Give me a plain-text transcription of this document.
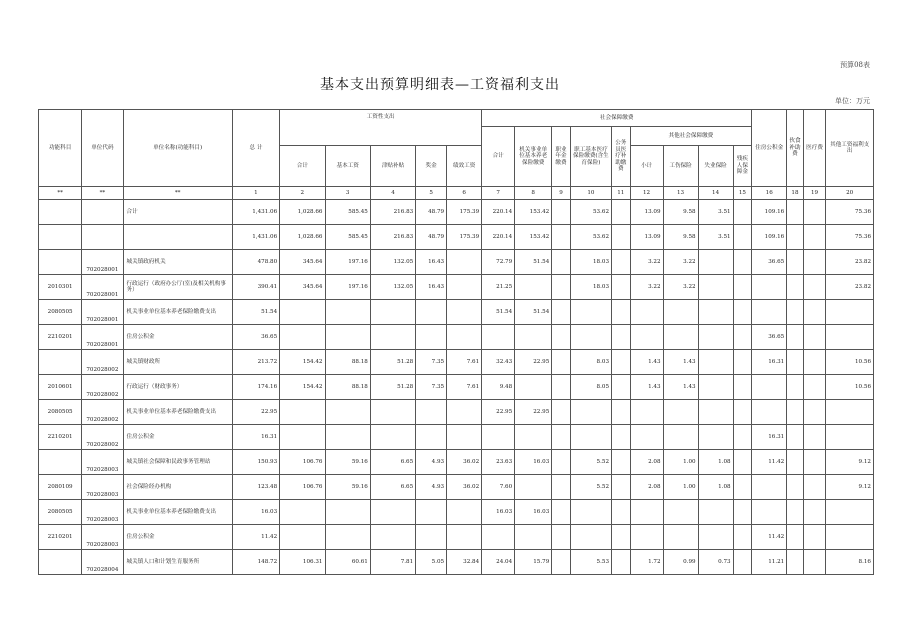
预算08表
基本支出预算明细表—工资福利支出
单位：万元
功能科目	单位代码	单位名称(功能科目)	总 计	工资性支出					社会保障缴费									住房公积金	伙食补助费	医疗费	其他工资福利支出
									合计	机关事业单位基本养老保险缴费	职业年金缴费	职工基本医疗保险缴费(含生育保险)	公务员医疗补助缴费	其他社会保障缴费							
				合计	基本工资	津贴补贴	奖金	绩效工资						小计	工伤保险	失业保险	残疾人保障金				
**	**	**	1	2	3	4	5	6	7	8	9	10	11	12	13	14	15	16	18	19	20
		合计	1,431.06	1,028.66	585.45	216.83	48.79	175.39	220.14	153.42		53.62		13.09	9.58	3.51		109.16			75.36
			1,431.06	1,028.66	585.45	216.83	48.79	175.39	220.14	153.42		53.62		13.09	9.58	3.51		109.16			75.36
	702028001	城关镇政府机关	478.80	345.64	197.16	132.05	16.43		72.79	51.54		18.03		3.22	3.22			36.65			23.82
2010301	702028001	行政运行（政府办公厅(室)及相关机构事务）	390.41	345.64	197.16	132.05	16.43		21.25			18.03		3.22	3.22						23.82
2080505	702028001	机关事业单位基本养老保险缴费支出	51.54						51.54	51.54											
2210201	702028001	住房公积金	36.65															36.65			
	702028002	城关镇财政所	213.72	154.42	88.18	51.28	7.35	7.61	32.43	22.95		8.03		1.43	1.43			16.31			10.56
2010601	702028002	行政运行（财政事务）	174.16	154.42	88.18	51.28	7.35	7.61	9.48			8.05		1.43	1.43						10.56
2080505	702028002	机关事业单位基本养老保险缴费支出	22.95						22.95	22.95											
2210201	702028002	住房公积金	16.31															16.31			
	702028003	城关镇社会保障和民政事务管理站	150.93	106.76	59.16	6.65	4.93	36.02	23.63	16.03		5.52		2.08	1.00	1.08		11.42			9.12
2080109	702028003	社会保险经办机构	123.48	106.76	59.16	6.65	4.93	36.02	7.60			5.52		2.08	1.00	1.08					9.12
2080505	702028003	机关事业单位基本养老保险缴费支出	16.03						16.03	16.03											
2210201	702028003	住房公积金	11.42															11.42			
	702028004	城关镇人口和计划生育服务所	148.72	106.31	60.61	7.81	5.05	32.84	24.04	15.79		5.53		1.72	0.99	0.73		11.21			8.16
